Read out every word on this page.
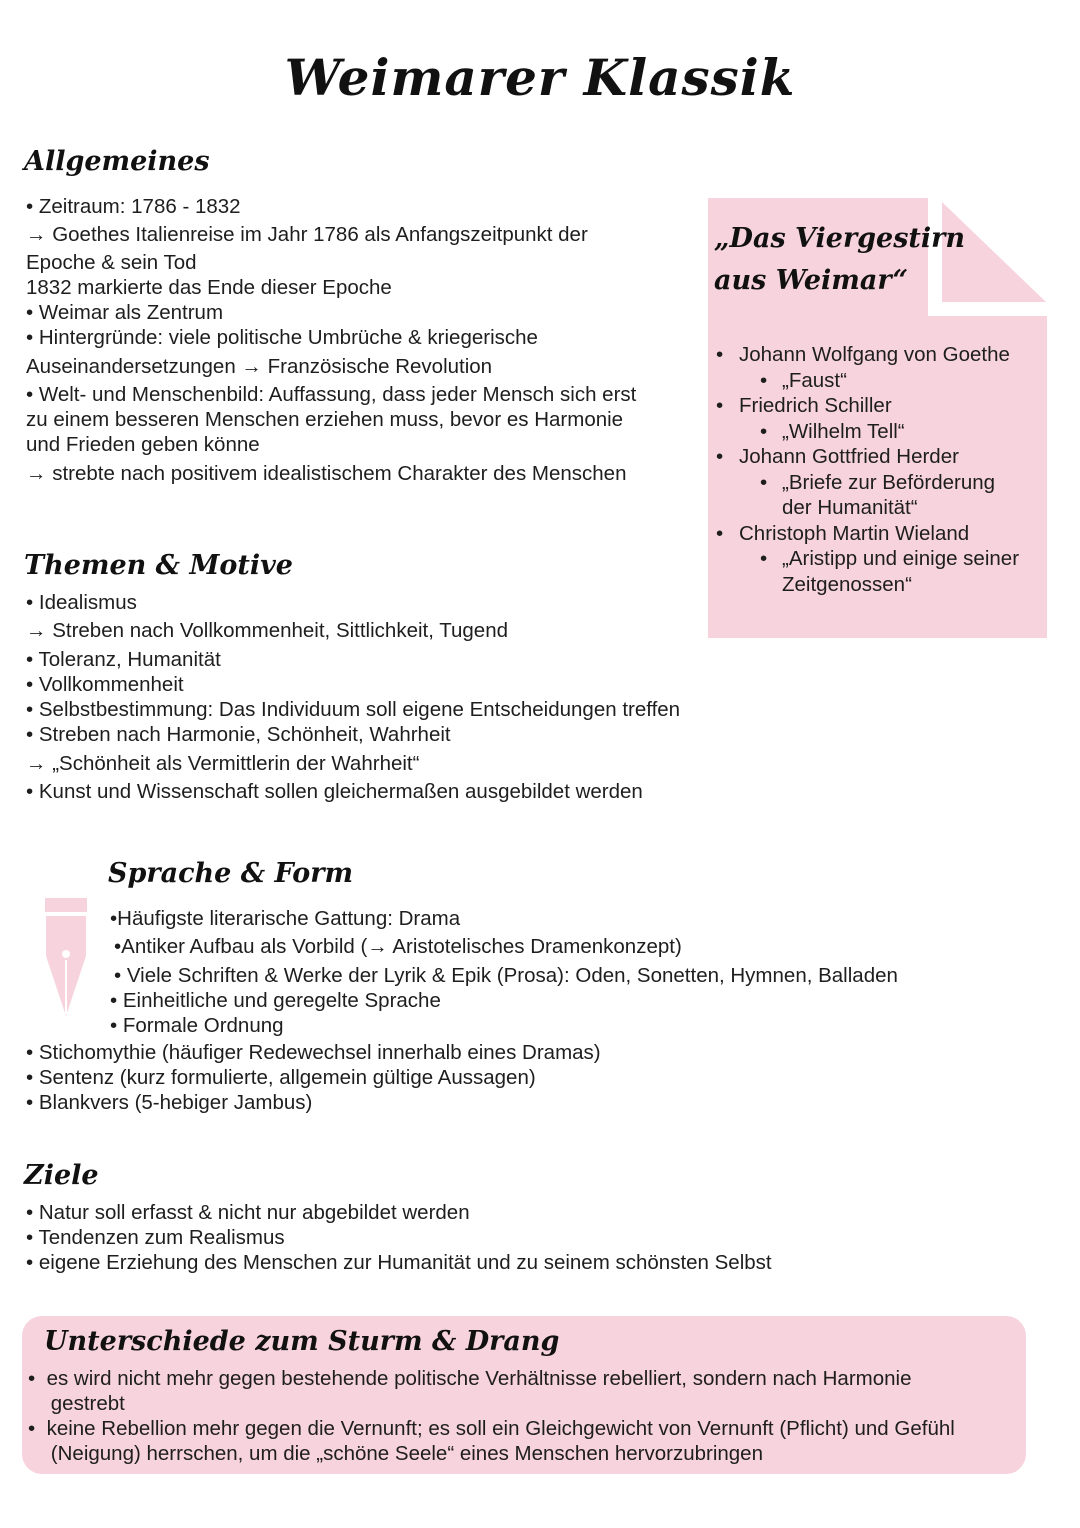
Weimarer Klassik
Allgemeines
• Zeitraum: 1786 - 1832
→ Goethes Italienreise im Jahr 1786 als Anfangszeitpunkt der
Epoche & sein Tod
1832 markierte das Ende dieser Epoche
• Weimar als Zentrum
• Hintergründe: viele politische Umbrüche & kriegerische
Auseinandersetzungen → Französische Revolution
• Welt- und Menschenbild: Auffassung, dass jeder Mensch sich erst
zu einem besseren Menschen erziehen muss, bevor es Harmonie
und Frieden geben könne
→ strebte nach positivem idealistischem Charakter des Menschen
„Das Viergestirn
aus Weimar“
• Johann Wolfgang von Goethe
• „Faust“
• Friedrich Schiller
• „Wilhelm Tell“
• Johann Gottfried Herder
• „Briefe zur Beförderung
der Humanität“
• Christoph Martin Wieland
• „Aristipp und einige seiner
Zeitgenossen“
Themen & Motive
• Idealismus
→ Streben nach Vollkommenheit, Sittlichkeit, Tugend
• Toleranz, Humanität
• Vollkommenheit
• Selbstbestimmung: Das Individuum soll eigene Entscheidungen treffen
• Streben nach Harmonie, Schönheit, Wahrheit
→ „Schönheit als Vermittlerin der Wahrheit“
• Kunst und Wissenschaft sollen gleichermaßen ausgebildet werden
Sprache & Form
•Häufigste literarische Gattung: Drama
•Antiker Aufbau als Vorbild (→ Aristotelisches Dramenkonzept)
• Viele Schriften & Werke der Lyrik & Epik (Prosa): Oden, Sonetten, Hymnen, Balladen
• Einheitliche und geregelte Sprache
• Formale Ordnung
• Stichomythie (häufiger Redewechsel innerhalb eines Dramas)
• Sentenz (kurz formulierte, allgemein gültige Aussagen)
• Blankvers (5-hebiger Jambus)
Ziele
• Natur soll erfasst & nicht nur abgebildet werden
• Tendenzen zum Realismus
• eigene Erziehung des Menschen zur Humanität und zu seinem schönsten Selbst
Unterschiede zum Sturm & Drang
•  es wird nicht mehr gegen bestehende politische Verhältnisse rebelliert, sondern nach Harmonie
gestrebt
•  keine Rebellion mehr gegen die Vernunft; es soll ein Gleichgewicht von Vernunft (Pflicht) und Gefühl
(Neigung) herrschen, um die „schöne Seele“ eines Menschen hervorzubringen
